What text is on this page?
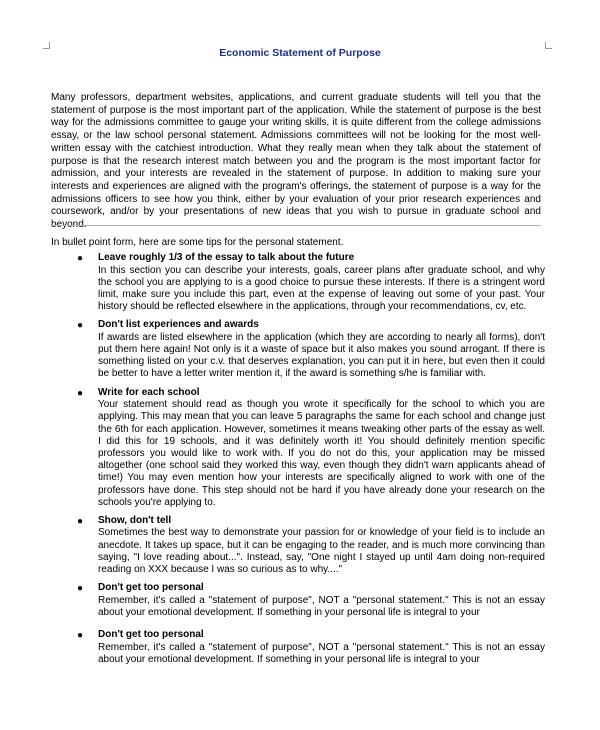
Economic Statement of Purpose
Many professors, department websites, applications, and current graduate students will tell you that the statement of purpose is the most important part of the application. While the statement of purpose is the best way for the admissions committee to gauge your writing skills, it is quite different from the college admissions essay, or the law school personal statement. Admissions committees will not be looking for the most well-written essay with the catchiest introduction. What they really mean when they talk about the statement of purpose is that the research interest match between you and the program is the most important factor for admission, and your interests are revealed in the statement of purpose. In addition to making sure your interests and experiences are aligned with the program's offerings, the statement of purpose is a way for the admissions officers to see how you think, either by your evaluation of your prior research experiences and coursework, and/or by your presentations of new ideas that you wish to pursue in graduate school and
In bullet point form, here are some tips for the personal statement.
● Leave roughly 1/3 of the essay to talk about the future
In this section you can describe your interests, goals, career plans after graduate school, and why the school you are applying to is a good choice to pursue these interests. If there is a stringent word limit, make sure you include this part, even at the expense of leaving out some of your past. Your history should be reflected elsewhere in the applications, through your recommendations, cv, etc.
● Don't list experiences and awards
If awards are listed elsewhere in the application (which they are according to nearly all forms), don't put them here again! Not only is it a waste of space but it also makes you sound arrogant. If there is something listed on your c.v. that deserves explanation, you can put it in here, but even then it could be better to have a letter writer mention it, if the award is something s/he is familiar with.
● Write for each school
Your statement should read as though you wrote it specifically for the school to which you are applying. This may mean that you can leave 5 paragraphs the same for each school and change just the 6th for each application. However, sometimes it means tweaking other parts of the essay as well. I did this for 19 schools, and it was definitely worth it! You should definitely mention specific professors you would like to work with. If you do not do this, your application may be missed altogether (one school said they worked this way, even though they didn't warn applicants ahead of time!) You may even mention how your interests are specifically aligned to work with one of the professors have done. This step should not be hard if you have already done your research on the schools you're applying to.
● Show, don't tell
Sometimes the best way to demonstrate your passion for or knowledge of your field is to include an anecdote. It takes up space, but it can be engaging to the reader, and is much more convincing than saying, "I love reading about...". Instead, say, "One night I stayed up until 4am doing non-required reading on XXX because I was so curious as to why...."
● Don't get too personal
Remember, it's called a "statement of purpose", NOT a "personal statement." This is not an essay about your emotional development. If something in your personal life is integral to your
● Don't get too personal
Remember, it's called a "statement of purpose", NOT a "personal statement." This is not an essay about your emotional development. If something in your personal life is integral to your
